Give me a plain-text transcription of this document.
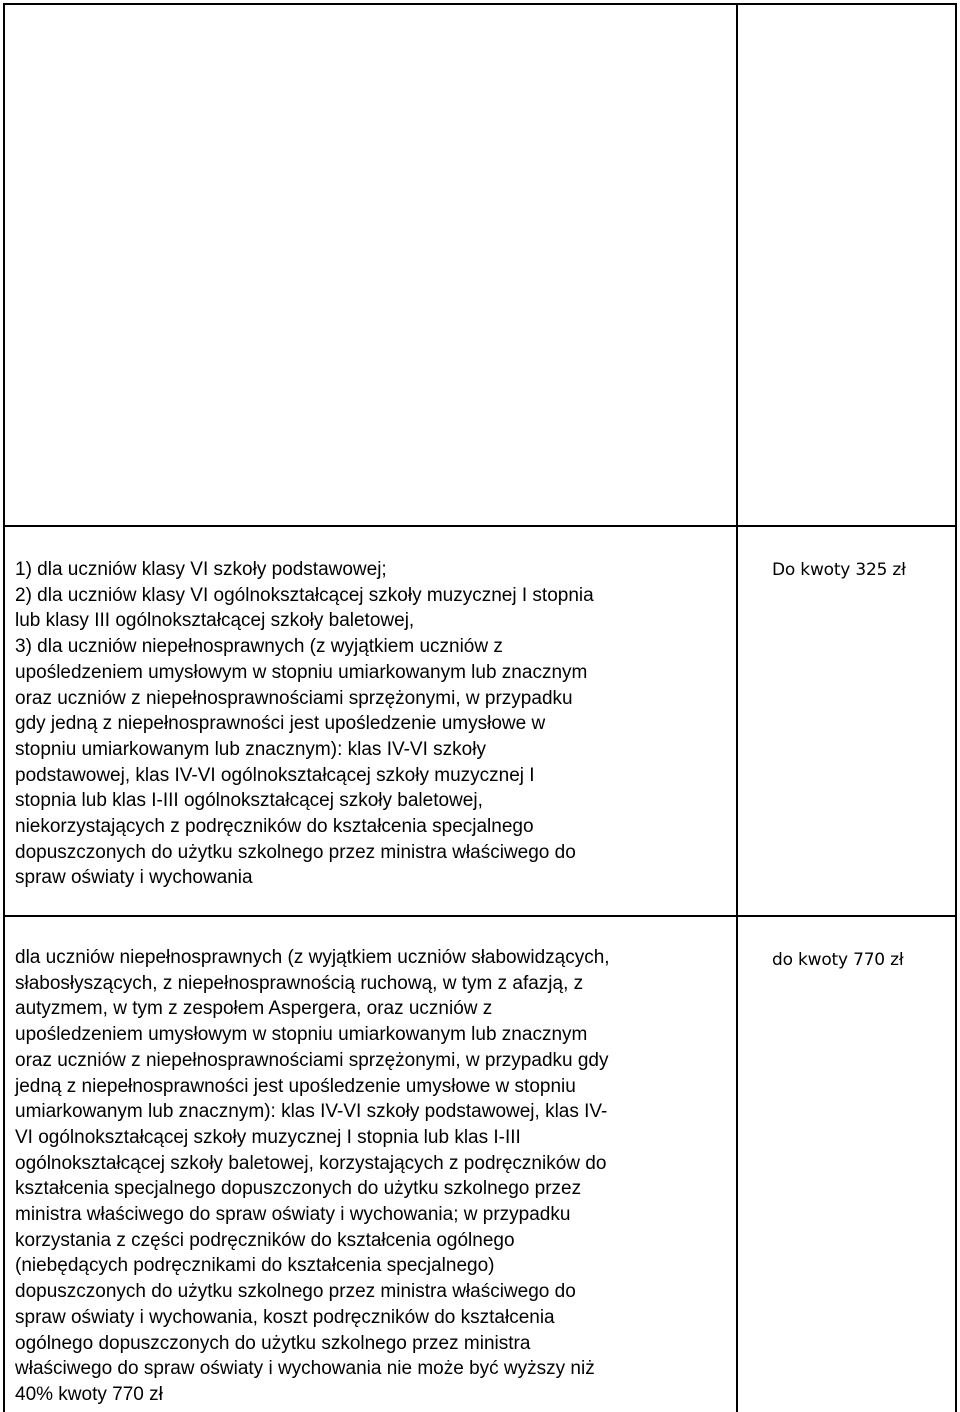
1) dla uczniów klasy VI szkoły podstawowej;
2) dla uczniów klasy VI ogólnokształcącej szkoły muzycznej I stopnia
lub klasy III ogólnokształcącej szkoły baletowej,
3) dla uczniów niepełnosprawnych (z wyjątkiem uczniów z
upośledzeniem umysłowym w stopniu umiarkowanym lub znacznym
oraz uczniów z niepełnosprawnościami sprzężonymi, w przypadku
gdy jedną z niepełnosprawności jest upośledzenie umysłowe w
stopniu umiarkowanym lub znacznym): klas IV-VI szkoły
podstawowej, klas IV-VI ogólnokształcącej szkoły muzycznej I
stopnia lub klas I-III ogólnokształcącej szkoły baletowej,
niekorzystających z podręczników do kształcenia specjalnego
dopuszczonych do użytku szkolnego przez ministra właściwego do
spraw oświaty i wychowania

Do kwoty 325 zł

dla uczniów niepełnosprawnych (z wyjątkiem uczniów słabowidzących,
słabosłyszących, z niepełnosprawnością ruchową, w tym z afazją, z
autyzmem, w tym z zespołem Aspergera, oraz uczniów z
upośledzeniem umysłowym w stopniu umiarkowanym lub znacznym
oraz uczniów z niepełnosprawnościami sprzężonymi, w przypadku gdy
jedną z niepełnosprawności jest upośledzenie umysłowe w stopniu
umiarkowanym lub znacznym): klas IV-VI szkoły podstawowej, klas IV-
VI ogólnokształcącej szkoły muzycznej I stopnia lub klas I-III
ogólnokształcącej szkoły baletowej, korzystających z podręczników do
kształcenia specjalnego dopuszczonych do użytku szkolnego przez
ministra właściwego do spraw oświaty i wychowania; w przypadku
korzystania z części podręczników do kształcenia ogólnego
(niebędących podręcznikami do kształcenia specjalnego)
dopuszczonych do użytku szkolnego przez ministra właściwego do
spraw oświaty i wychowania, koszt podręczników do kształcenia
ogólnego dopuszczonych do użytku szkolnego przez ministra
właściwego do spraw oświaty i wychowania nie może być wyższy niż
40% kwoty 770 zł

do kwoty 770 zł
